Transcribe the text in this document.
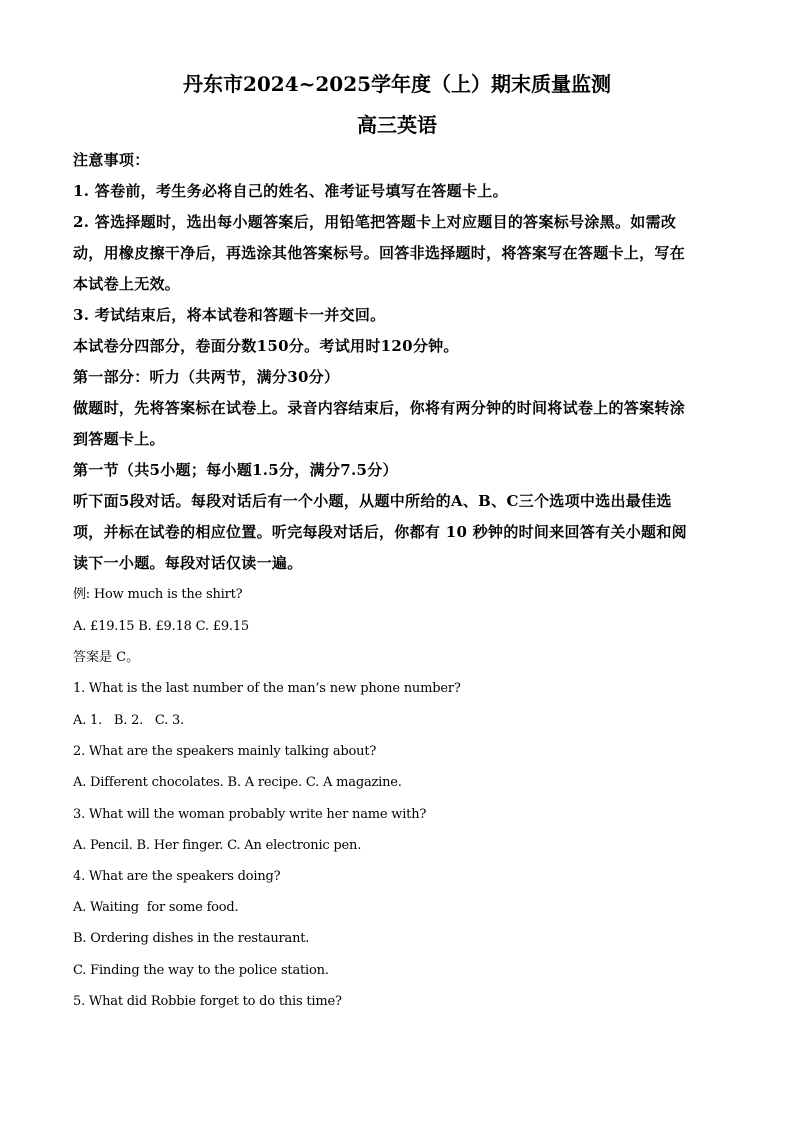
丹东市2024~2025学年度（上）期末质量监测
高三英语
注意事项：
1. 答卷前，考生务必将自己的姓名、准考证号填写在答题卡上。
2. 答选择题时，选出每小题答案后，用铅笔把答题卡上对应题目的答案标号涂黑。如需改
动，用橡皮擦干净后，再选涂其他答案标号。回答非选择题时，将答案写在答题卡上，写在
本试卷上无效。
3. 考试结束后，将本试卷和答题卡一并交回。
本试卷分四部分，卷面分数150分。考试用时120分钟。
第一部分：听力（共两节，满分30分）
做题时，先将答案标在试卷上。录音内容结束后，你将有两分钟的时间将试卷上的答案转涂
到答题卡上。
第一节（共5小题；每小题1.5分，满分7.5分）
听下面5段对话。每段对话后有一个小题，从题中所给的A、B、C三个选项中选出最佳选
项，并标在试卷的相应位置。听完每段对话后，你都有 10 秒钟的时间来回答有关小题和阅
读下一小题。每段对话仅读一遍。
例: How much is the shirt?
A. £19.15 B. £9.18 C. £9.15
答案是 C。
1. What is the last number of the man’s new phone number?
A. 1.   B. 2.   C. 3.
2. What are the speakers mainly talking about?
A. Different chocolates. B. A recipe. C. A magazine.
3. What will the woman probably write her name with?
A. Pencil. B. Her finger. C. An electronic pen.
4. What are the speakers doing?
A. Waiting  for some food.
B. Ordering dishes in the restaurant.
C. Finding the way to the police station.
5. What did Robbie forget to do this time?
